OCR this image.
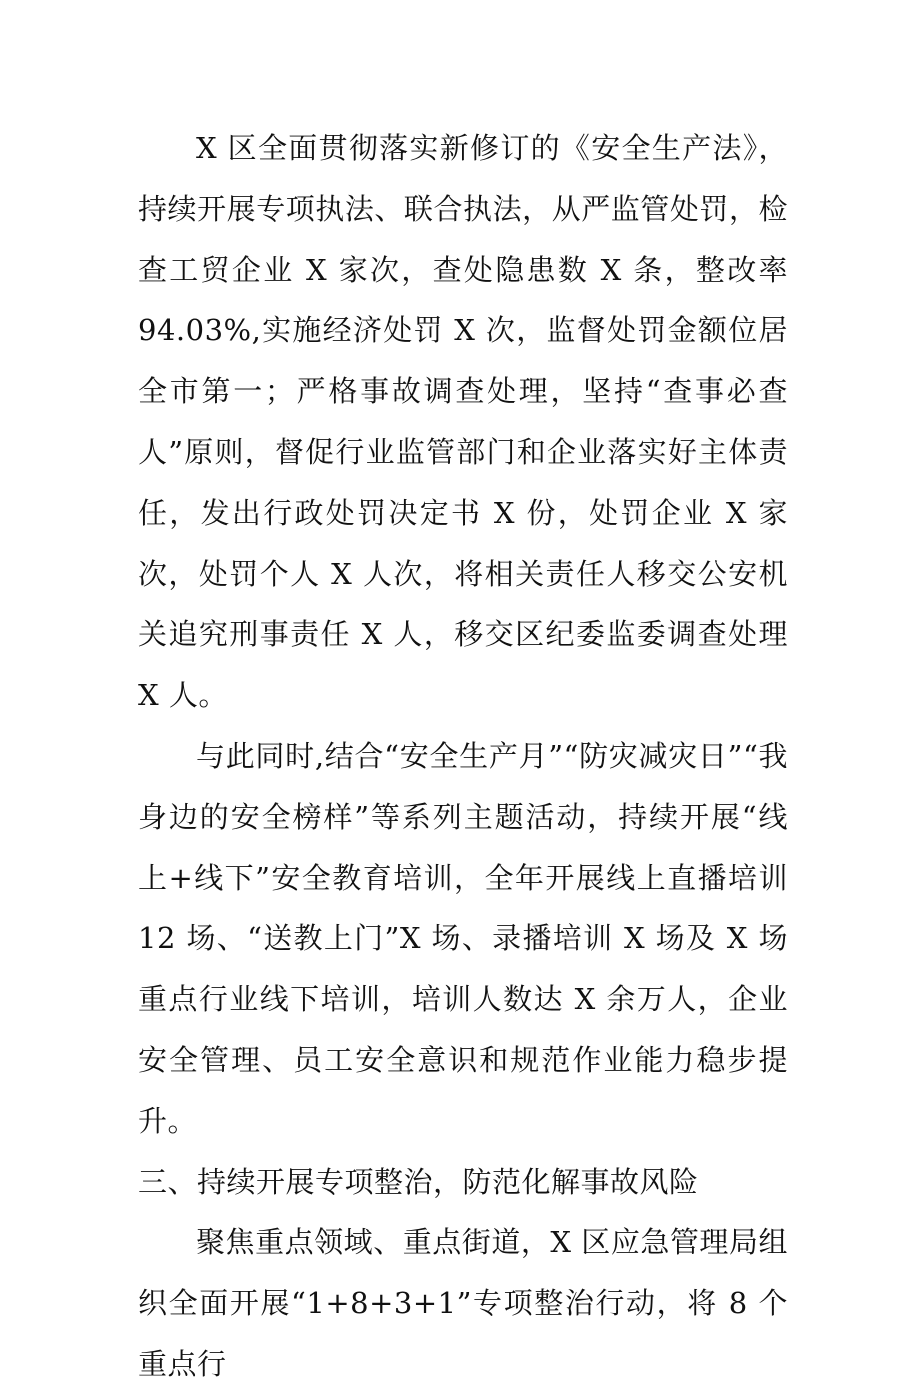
X 区全面贯彻落实新修订的《安全生产法》，持续开展专项执法、联合执法，从严监管处罚，检查工贸企业 X 家次，查处隐患数 X 条，整改率 94.03%,实施经济处罚 X 次，监督处罚金额位居全市第一；严格事故调查处理，坚持“查事必查人”原则，督促行业监管部门和企业落实好主体责任，发出行政处罚决定书 X 份，处罚企业 X 家次，处罚个人 X 人次，将相关责任人移交公安机关追究刑事责任 X 人，移交区纪委监委调查处理 X 人。

与此同时,结合“安全生产月”“防灾减灾日”“我身边的安全榜样”等系列主题活动，持续开展“线上+线下”安全教育培训，全年开展线上直播培训 12 场、“送教上门”X 场、录播培训 X 场及 X 场重点行业线下培训，培训人数达 X 余万人，企业安全管理、员工安全意识和规范作业能力稳步提升。

三、持续开展专项整治，防范化解事故风险

聚焦重点领域、重点街道，X 区应急管理局组织全面开展“1+8+3+1”专项整治行动，将 8 个重点行
